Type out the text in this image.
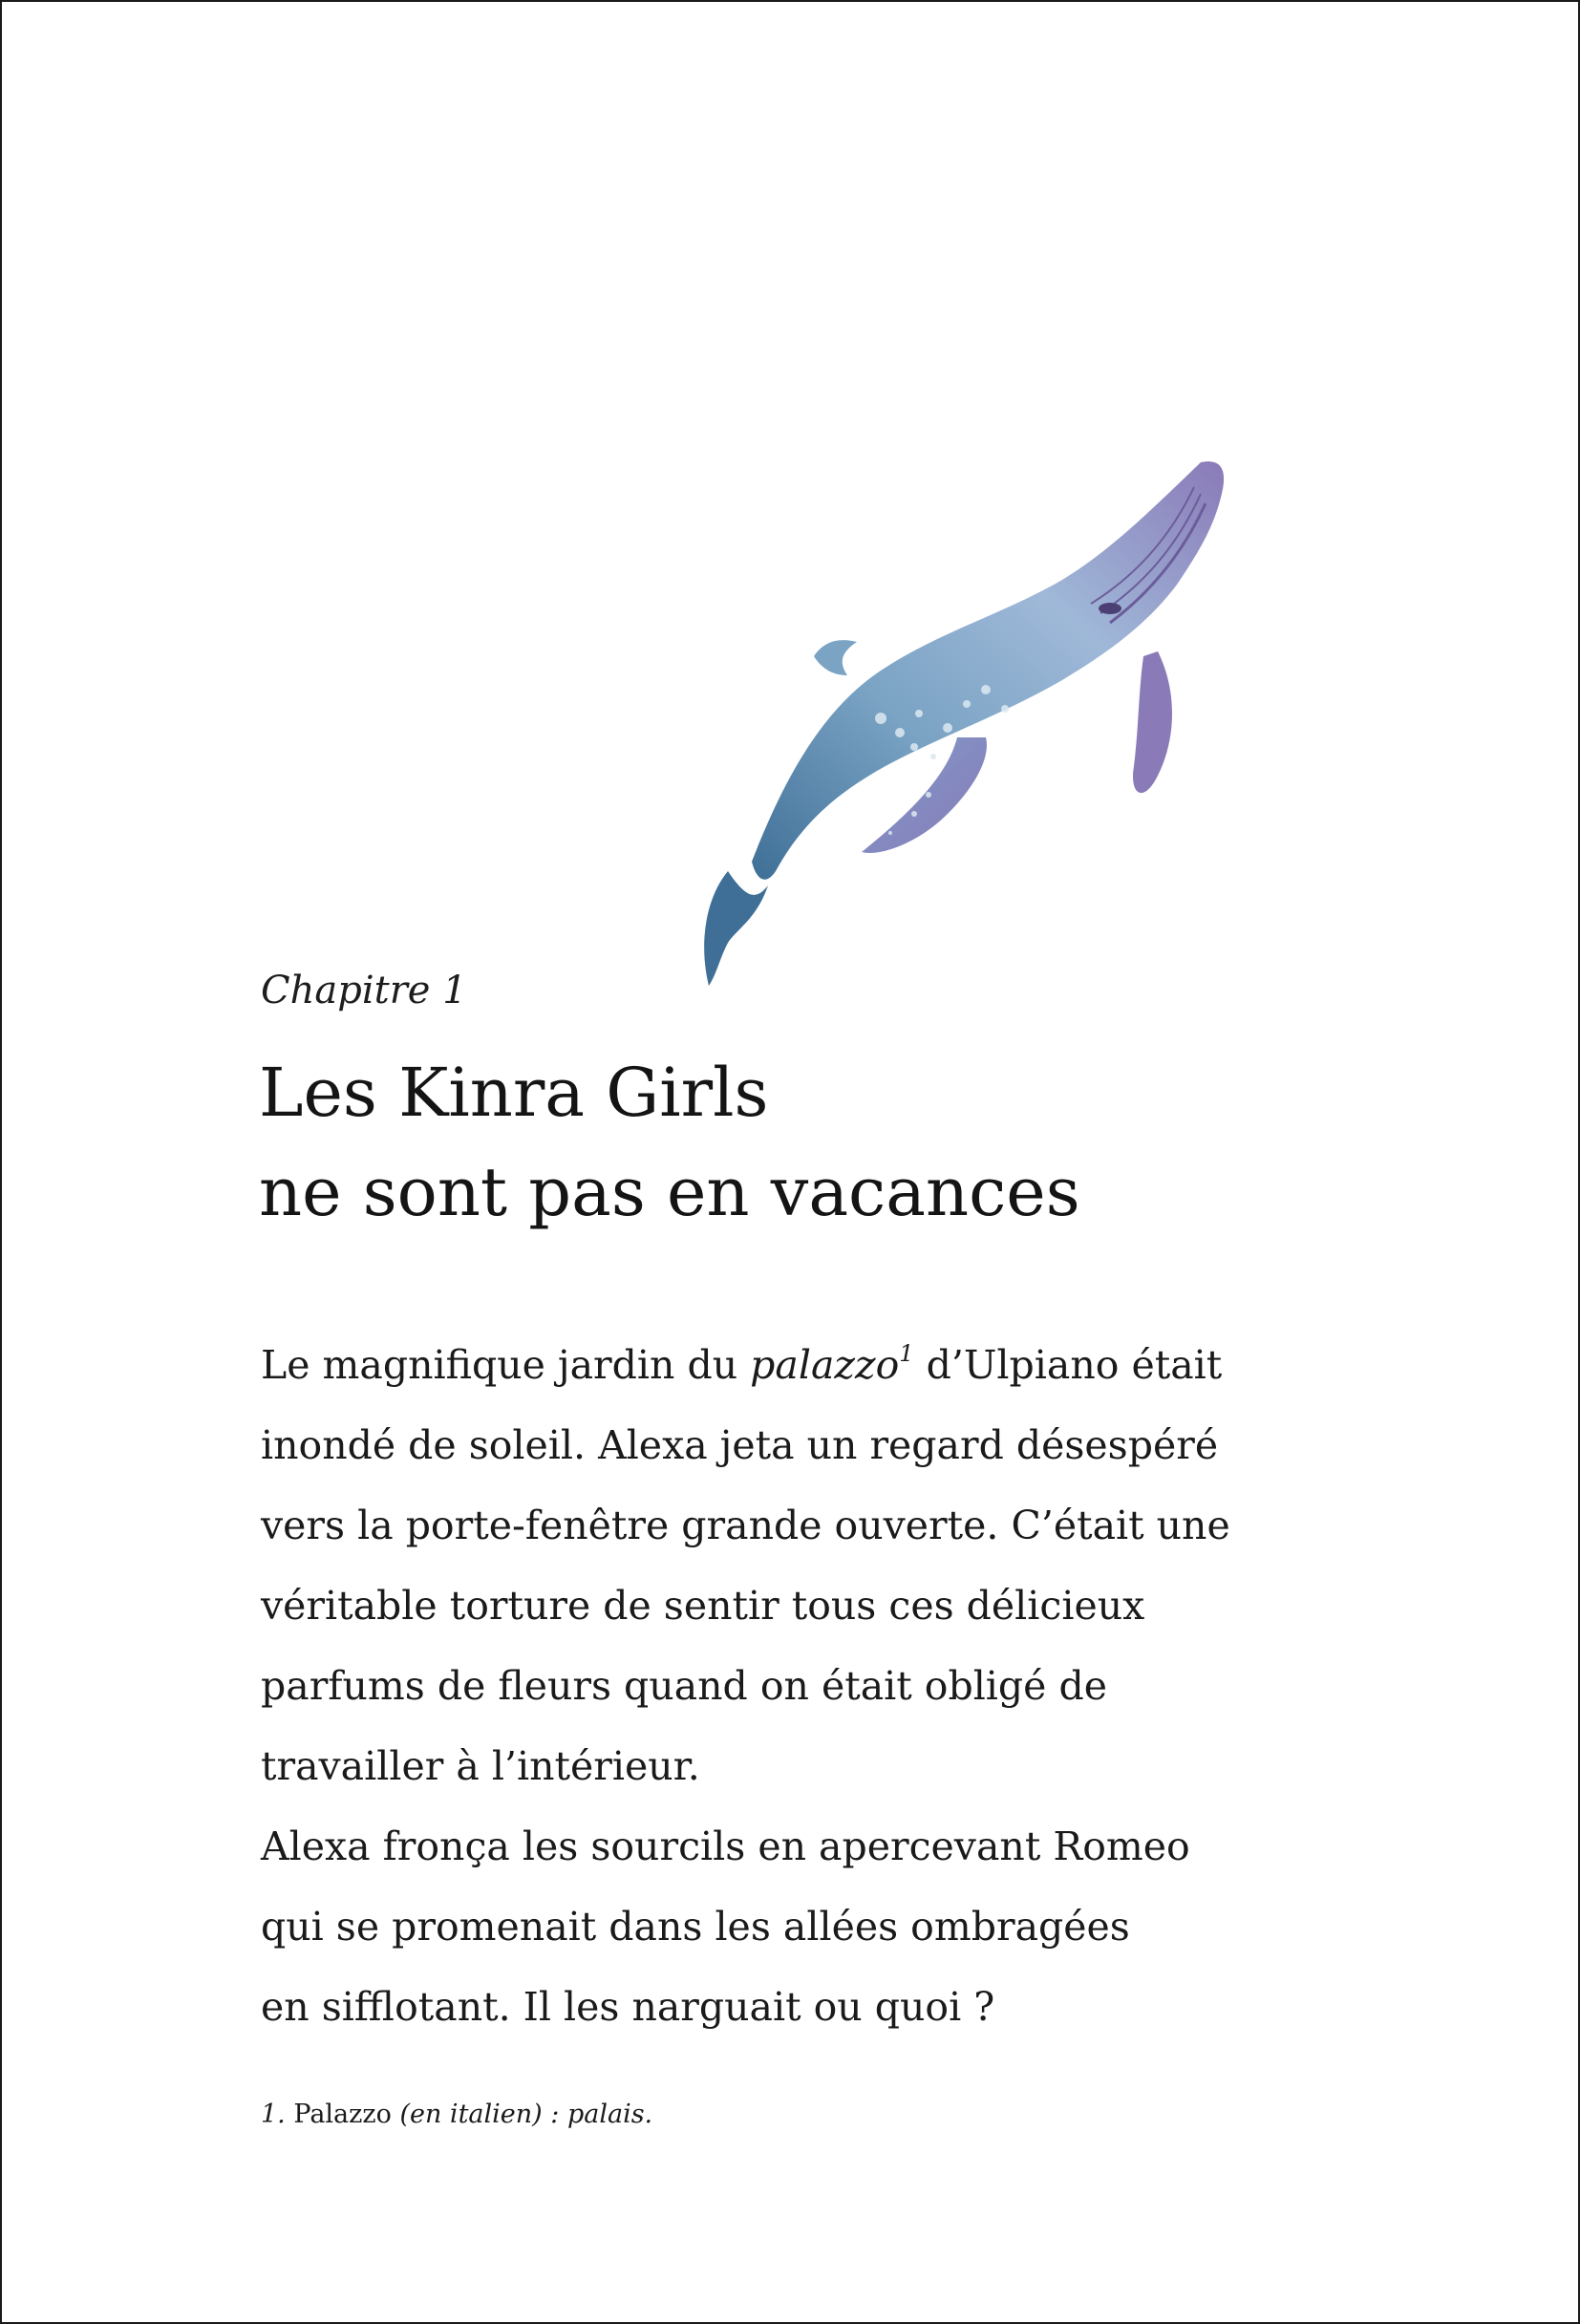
Chapitre 1
Les Kinra Girls
ne sont pas en vacances
Le magnifique jardin du palazzo$^1$ d’Ulpiano était
inondé de soleil. Alexa jeta un regard désespéré
vers la porte-fenêtre grande ouverte. C’était une
véritable torture de sentir tous ces délicieux
parfums de fleurs quand on était obligé de
travailler à l’intérieur.
Alexa fronça les sourcils en apercevant Romeo
qui se promenait dans les allées ombragées
en sifflotant. Il les narguait ou quoi ?
1. Palazzo (en italien) : palais.
